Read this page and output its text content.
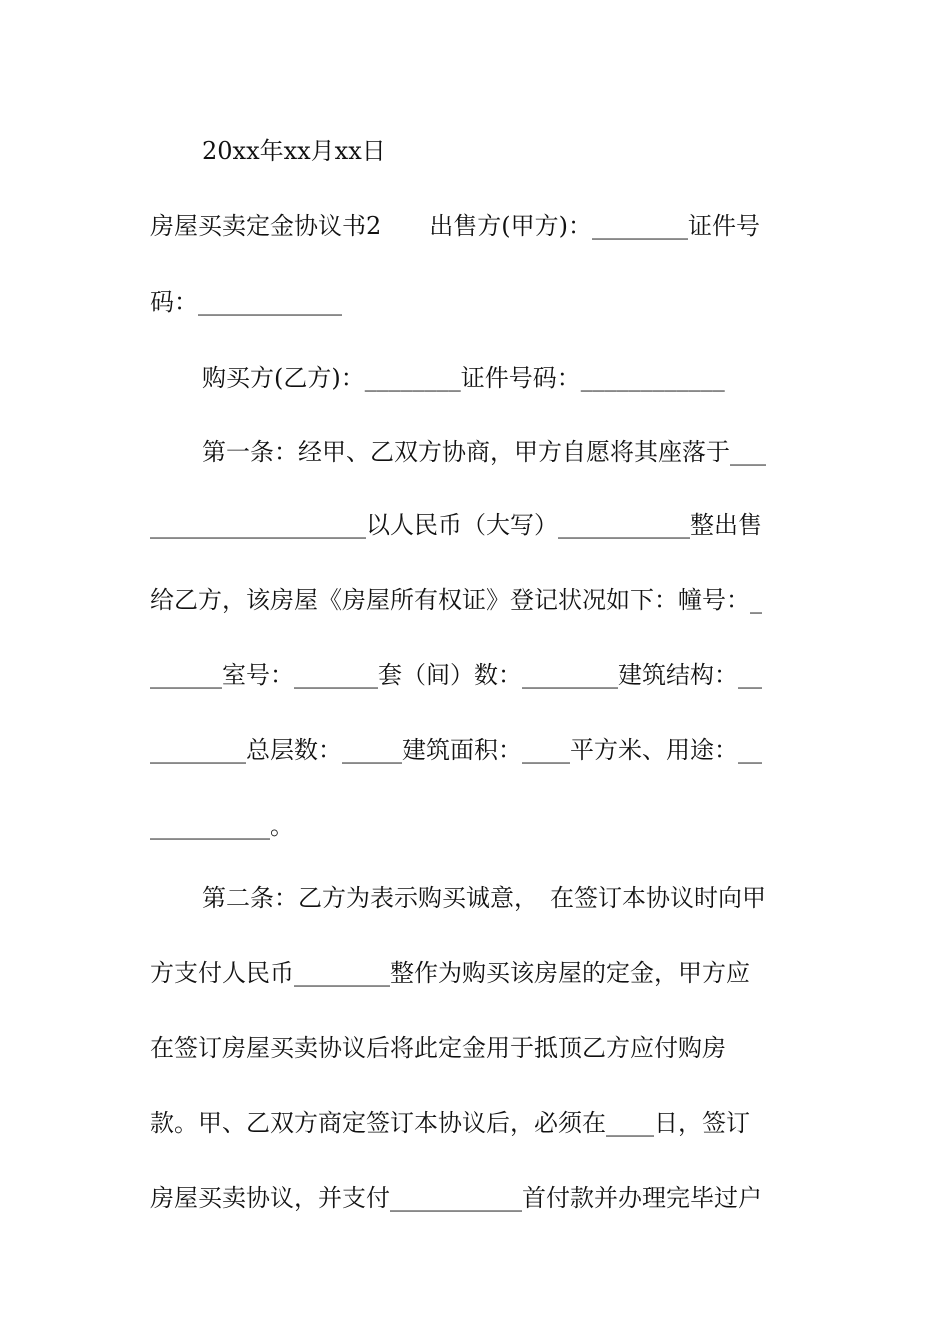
20xx年xx月xx日
房屋买卖定金协议书2　　出售方(甲方)：________证件号
码：____________
购买方(乙方)：________证件号码：____________
第一条：经甲、乙双方协商，甲方自愿将其座落于___
__________________以人民币（大写）___________整出售
给乙方，该房屋《房屋所有权证》登记状况如下：幢号：_
______室号：_______套（间）数：________建筑结构：__
________总层数：_____建筑面积：____平方米、用途：__
__________。
第二条：乙方为表示购买诚意，　在签订本协议时向甲
方支付人民币________整作为购买该房屋的定金，甲方应
在签订房屋买卖协议后将此定金用于抵顶乙方应付购房
款。甲、乙双方商定签订本协议后，必须在____日，签订
房屋买卖协议，并支付___________首付款并办理完毕过户
